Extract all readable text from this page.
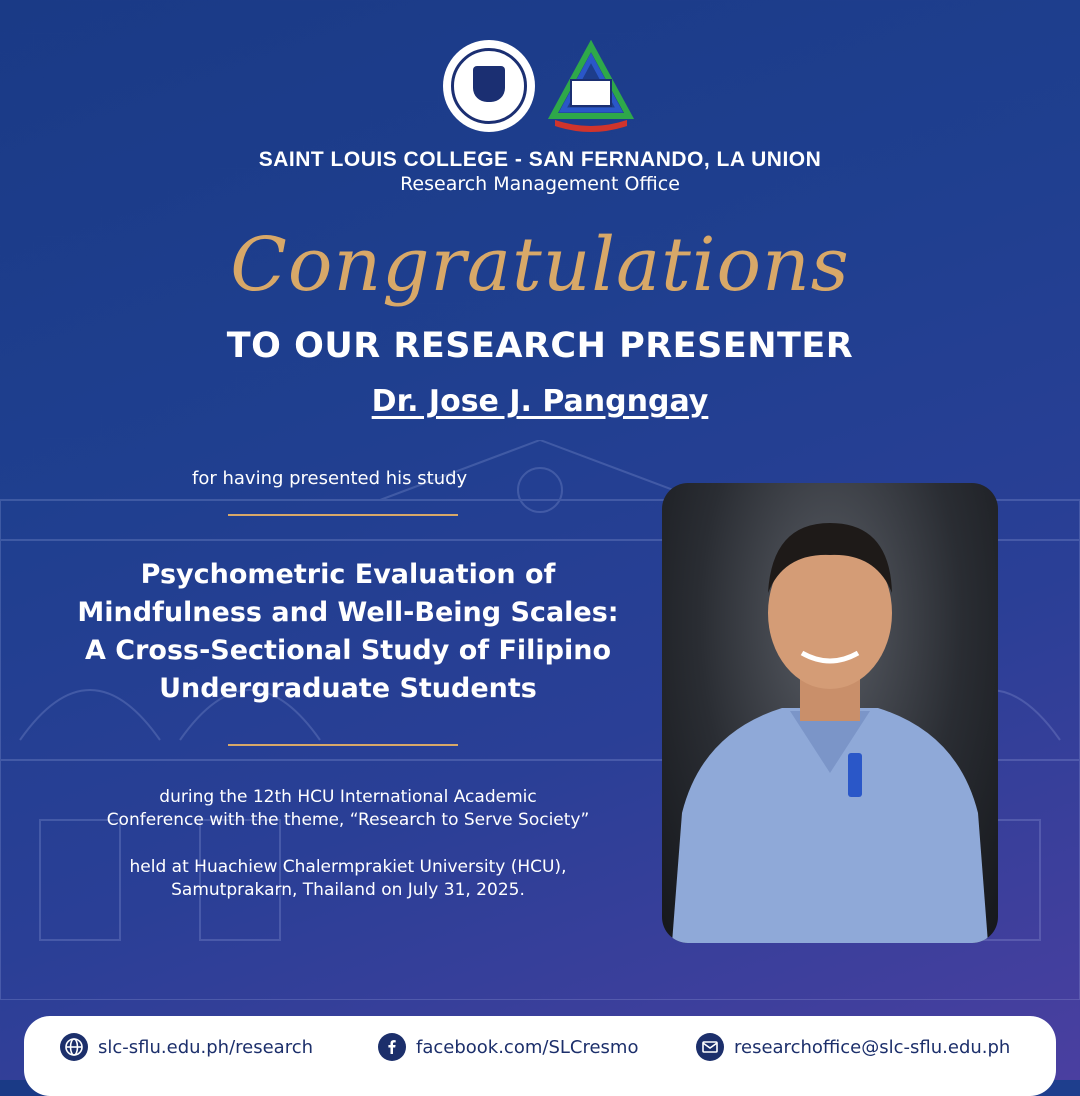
SAINT LOUIS COLLEGE - SAN FERNANDO, LA UNION
Research Management Office
Congratulations
TO OUR RESEARCH PRESENTER
Dr. Jose J. Pangngay
for having presented his study
Psychometric Evaluation of
Mindfulness and Well-Being Scales:
A Cross-Sectional Study of Filipino
Undergraduate Students
during the 12th HCU International Academic
Conference with the theme, “Research to Serve Society”
held at Huachiew Chalermprakiet University (HCU),
Samutprakarn, Thailand on July 31, 2025.
slc-sflu.edu.ph/research	facebook.com/SLCresmo	researchoffice@slc-sflu.edu.ph
